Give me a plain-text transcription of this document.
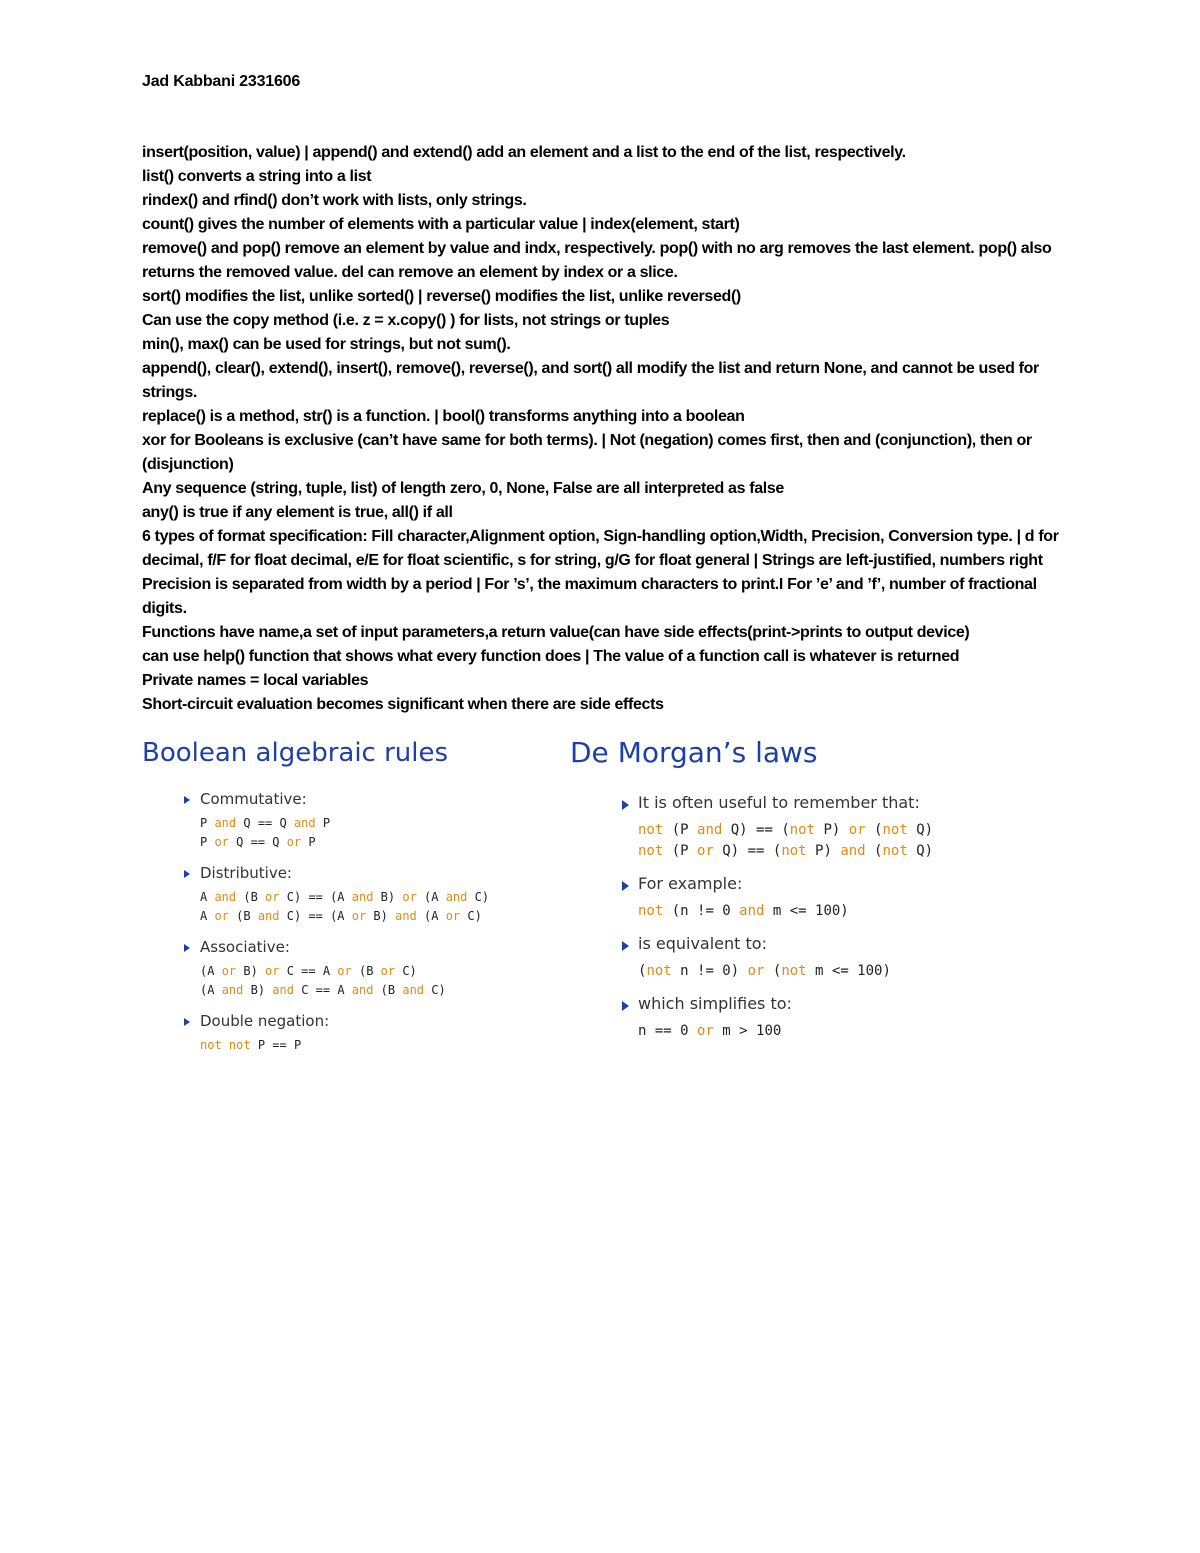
Jad Kabbani 2331606
insert(position, value) | append() and extend() add an element and a list to the end of the list, respectively.
list() converts a string into a list
rindex() and rfind() don’t work with lists, only strings.
count() gives the number of elements with a particular value | index(element, start)
remove() and pop() remove an element by value and indx, respectively. pop() with no arg removes the last element. pop() also returns the removed value. del can remove an element by index or a slice.
sort() modifies the list, unlike sorted() | reverse() modifies the list, unlike reversed()
Can use the copy method (i.e. z = x.copy() ) for lists, not strings or tuples
min(), max() can be used for strings, but not sum().
append(), clear(), extend(), insert(), remove(), reverse(), and sort() all modify the list and return None, and cannot be used for strings.
replace() is a method, str() is a function. | bool() transforms anything into a boolean
xor for Booleans is exclusive (can’t have same for both terms). | Not (negation) comes first, then and (conjunction), then or (disjunction)
Any sequence (string, tuple, list) of length zero, 0, None, False are all interpreted as false
any() is true if any element is true, all() if all
6 types of format specification: Fill character,Alignment option, Sign-handling option,Width, Precision, Conversion type. | d for decimal, f/F for float decimal, e/E for float scientific, s for string, g/G for float general | Strings are left-justified, numbers right
Precision is separated from width by a period | For ’s’, the maximum characters to print.I For ’e’ and ’f’, number of fractional digits.
Functions have name,a set of input parameters,a return value(can have side effects(print->prints to output device)
can use help() function that shows what every function does | The value of a function call is whatever is returned
Private names = local variables
Short-circuit evaluation becomes significant when there are side effects
Boolean algebraic rules	De Morgan’s laws
Commutative:
P and Q == Q and P
P or Q == Q or P
Distributive:
A and (B or C) == (A and B) or (A and C)
A or (B and C) == (A or B) and (A or C)
Associative:
(A or B) or C == A or (B or C)
(A and B) and C == A and (B and C)
Double negation:
not not P == P
It is often useful to remember that:
not (P and Q) == (not P) or (not Q)
not (P or Q) == (not P) and (not Q)
For example:
not (n != 0 and m <= 100)
is equivalent to:
(not n != 0) or (not m <= 100)
which simplifies to:
n == 0 or m > 100
